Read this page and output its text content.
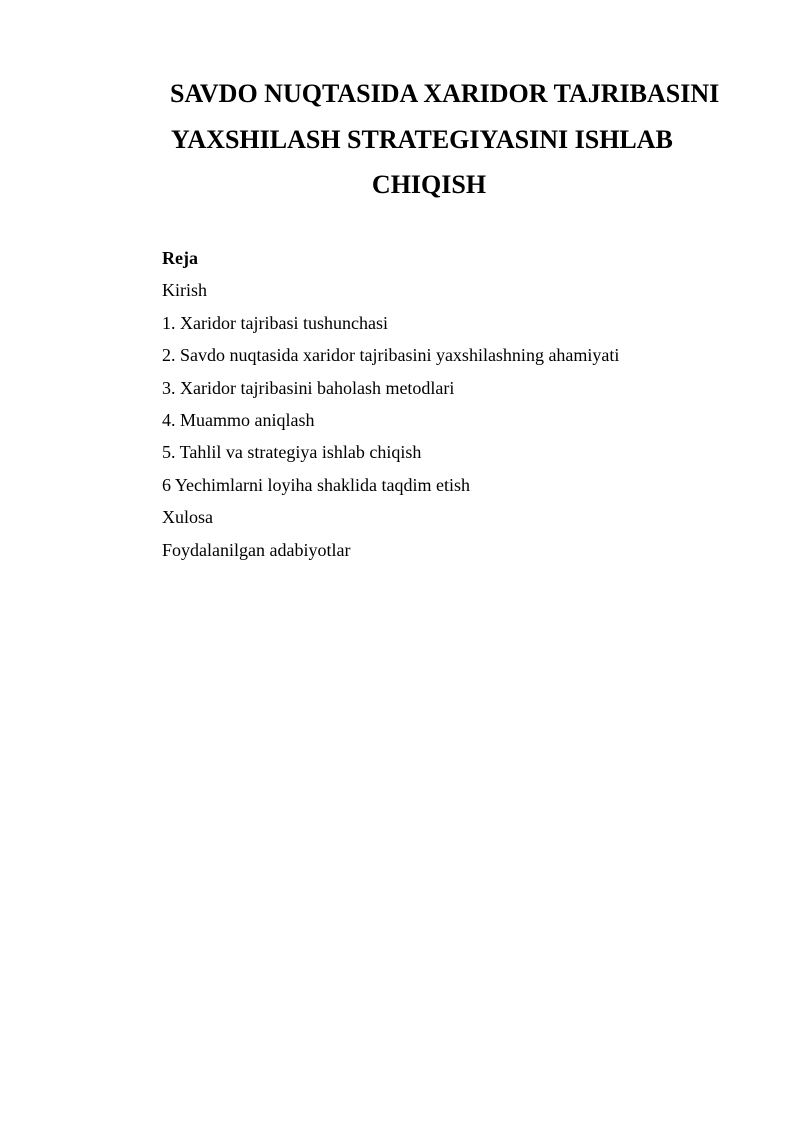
SAVDO NUQTASIDA XARIDOR TAJRIBASINI
YAXSHILASH STRATEGIYASINI ISHLAB
CHIQISH
Reja
Kirish
1. Xaridor tajribasi tushunchasi
2. Savdo nuqtasida xaridor tajribasini yaxshilashning ahamiyati
3. Xaridor tajribasini baholash metodlari
4. Muammo aniqlash
5. Tahlil va strategiya ishlab chiqish
6 Yechimlarni loyiha shaklida taqdim etish
Xulosa
Foydalanilgan adabiyotlar
